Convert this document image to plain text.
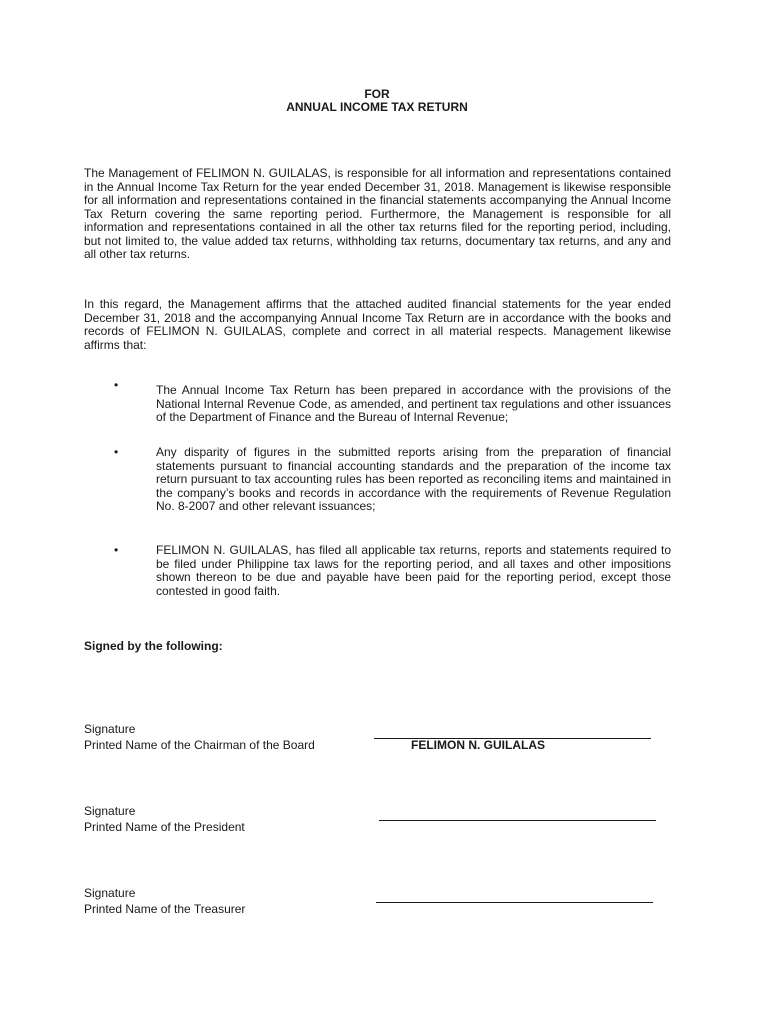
FOR
ANNUAL INCOME TAX RETURN
The Management of FELIMON N. GUILALAS, is responsible for all information and representations contained in the Annual Income Tax Return for the year ended December 31, 2018. Management is likewise responsible for all information and representations contained in the financial statements accompanying the Annual Income Tax Return covering the same reporting period. Furthermore, the Management is responsible for all information and representations contained in all the other tax returns filed for the reporting period, including, but not limited to, the value added tax returns, withholding tax returns, documentary tax returns, and any and all other tax returns.
In this regard, the Management affirms that the attached audited financial statements for the year ended December 31, 2018 and the accompanying Annual Income Tax Return are in accordance with the books and records of FELIMON N. GUILALAS, complete and correct in all material respects. Management likewise affirms that:
•	The Annual Income Tax Return has been prepared in accordance with the provisions of the National Internal Revenue Code, as amended, and pertinent tax regulations and other issuances of the Department of Finance and the Bureau of Internal Revenue;
•	Any disparity of figures in the submitted reports arising from the preparation of financial statements pursuant to financial accounting standards and the preparation of the income tax return pursuant to tax accounting rules has been reported as reconciling items and maintained in the company’s books and records in accordance with the requirements of Revenue Regulation No. 8-2007 and other relevant issuances;
•	FELIMON N. GUILALAS, has filed all applicable tax returns, reports and statements required to be filed under Philippine tax laws for the reporting period, and all taxes and other impositions shown thereon to be due and payable have been paid for the reporting period, except those contested in good faith.
Signed by the following:
Signature
Printed Name of the Chairman of the Board	FELIMON N. GUILALAS
Signature
Printed Name of the President
Signature
Printed Name of the Treasurer
